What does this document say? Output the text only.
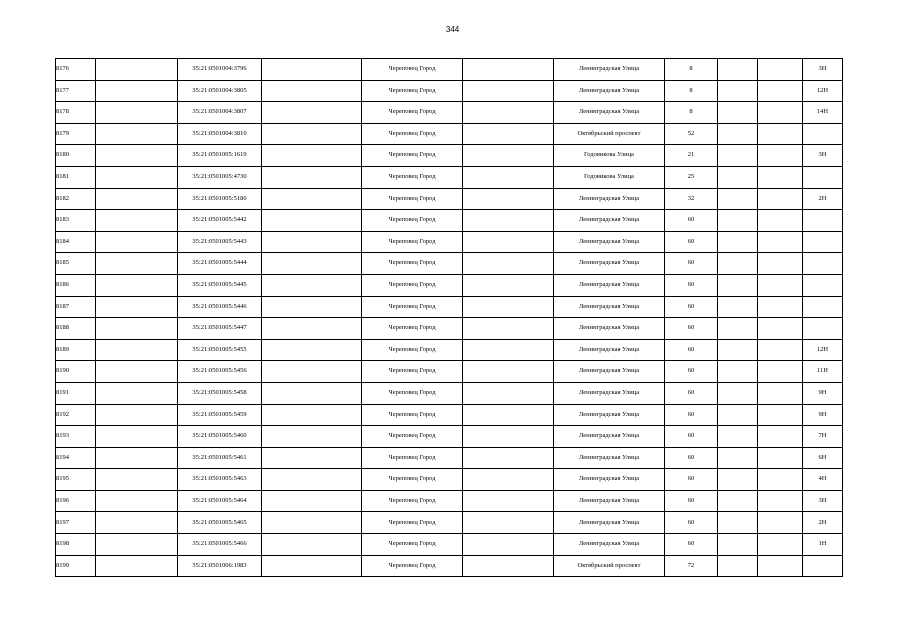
344
8176		35:21:0501004:3796		Череповец Город		Ленинградская Улица	8			3Н
8177		35:21:0501004:3805		Череповец Город		Ленинградская Улица	8			12Н
8178		35:21:0501004:3807		Череповец Город		Ленинградская Улица	8			14Н
8179		35:21:0501004:3810		Череповец Город		Октябрьский проспект	52			
8180		35:21:0501005:1619		Череповец Город		Годовикова Улица	21			3Н
8181		35:21:0501005:4730		Череповец Город		Годовикова Улица	25			
8182		35:21:0501005:5180		Череповец Город		Ленинградская Улица	32			2Н
8183		35:21:0501005:5442		Череповец Город		Ленинградская Улица	60			
8184		35:21:0501005:5443		Череповец Город		Ленинградская Улица	60			
8185		35:21:0501005:5444		Череповец Город		Ленинградская Улица	60			
8186		35:21:0501005:5445		Череповец Город		Ленинградская Улица	60			
8187		35:21:0501005:5446		Череповец Город		Ленинградская Улица	60			
8188		35:21:0501005:5447		Череповец Город		Ленинградская Улица	60			
8189		35:21:0501005:5455		Череповец Город		Ленинградская Улица	60			12Н
8190		35:21:0501005:5456		Череповец Город		Ленинградская Улица	60			11Н
8191		35:21:0501005:5458		Череповец Город		Ленинградская Улица	60			9Н
8192		35:21:0501005:5459		Череповец Город		Ленинградская Улица	60			9Н
8193		35:21:0501005:5460		Череповец Город		Ленинградская Улица	60			7Н
8194		35:21:0501005:5461		Череповец Город		Ленинградская Улица	60			6Н
8195		35:21:0501005:5463		Череповец Город		Ленинградская Улица	60			4Н
8196		35:21:0501005:5464		Череповец Город		Ленинградская Улица	60			3Н
8197		35:21:0501005:5465		Череповец Город		Ленинградская Улица	60			2Н
8198		35:21:0501005:5466		Череповец Город		Ленинградская Улица	60			1Н
8199		35:21:0501006:1983		Череповец Город		Октябрьский проспект	72			
